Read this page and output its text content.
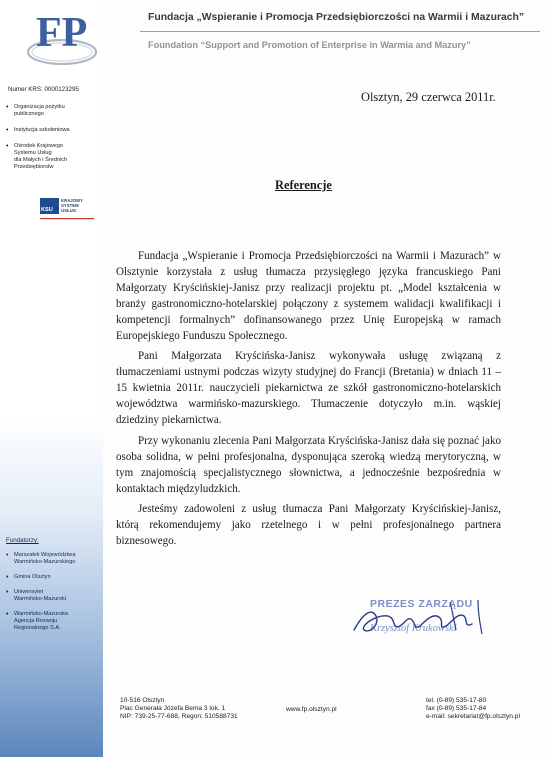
FP	Fundacja „Wspieranie i Promocja Przedsiębiorczości na Warmii i Mazurach”
Foundation “Support and Promotion of Enterprise in Warmia and Mazury”
Numer KRS: 0000123295
• Organizacja pożytku
publicznego
• Instytucja szkoleniowa
• Ośrodek Krajowego
Systemu Usług
dla Małych i Średnich
Przedsiębiorstw
KSU
KRAJOWY
SYSTEM
USŁUG
Fundatorzy:
• Marszałek Województwa
Warmińsko-Mazurskiego
• Gmina Olsztyn
• Uniwersytet
Warmińsko-Mazurski
• Warmińsko-Mazurska
Agencja Rozwoju
Regionalnego S.A.
Olsztyn, 29 czerwca 2011r.
Referencje

Fundacja „Wspieranie i Promocja Przedsiębiorczości na Warmii i Mazurach” w Olsztynie korzystała z usług tłumacza przysięgłego języka francuskiego Pani Małgorzaty Kryścińskiej-Janisz przy realizacji projektu pt. „Model kształcenia w branży gastronomiczno-hotelarskiej połączony z systemem walidacji kwalifikacji i kompetencji formalnych” dofinansowanego przez Unię Europejską w ramach Europejskiego Funduszu Społecznego.

Pani Małgorzata Kryścińska-Janisz wykonywała usługę związaną z tłumaczeniami ustnymi podczas wizyty studyjnej do Francji (Bretania) w dniach 11 – 15 kwietnia 2011r. nauczycieli piekarnictwa ze szkół gastronomiczno-hotelarskich województwa warmińsko-mazurskiego. Tłumaczenie dotyczyło m.in. wąskiej dziedziny piekarnictwa.

Przy wykonaniu zlecenia Pani Małgorzata Kryścińska-Janisz dała się poznać jako osoba solidna, w pełni profesjonalna, dysponująca szeroką wiedzą merytoryczną, w tym znajomością specjalistycznego słownictwa, a jednocześnie bezpośrednia w kontaktach międzyludzkich.

Jesteśmy zadowoleni z usług tłumacza Pani Małgorzaty Kryścińskiej-Janisz, którą rekomendujemy jako rzetelnego i w pełni profesjonalnego partnera biznesowego.

PREZES ZARZĄDU
Krzysztof Krukowski
10-516 Olsztyn
Plac Generała Józefa Bema 3 lok. 1
NIP: 739-25-77-688, Regon: 510588731
www.fp.olsztyn.pl
tel. (0-89) 535-17-80
fax (0-89) 535-17-84
e-mail: sekretariat@fp.olsztyn.pl
